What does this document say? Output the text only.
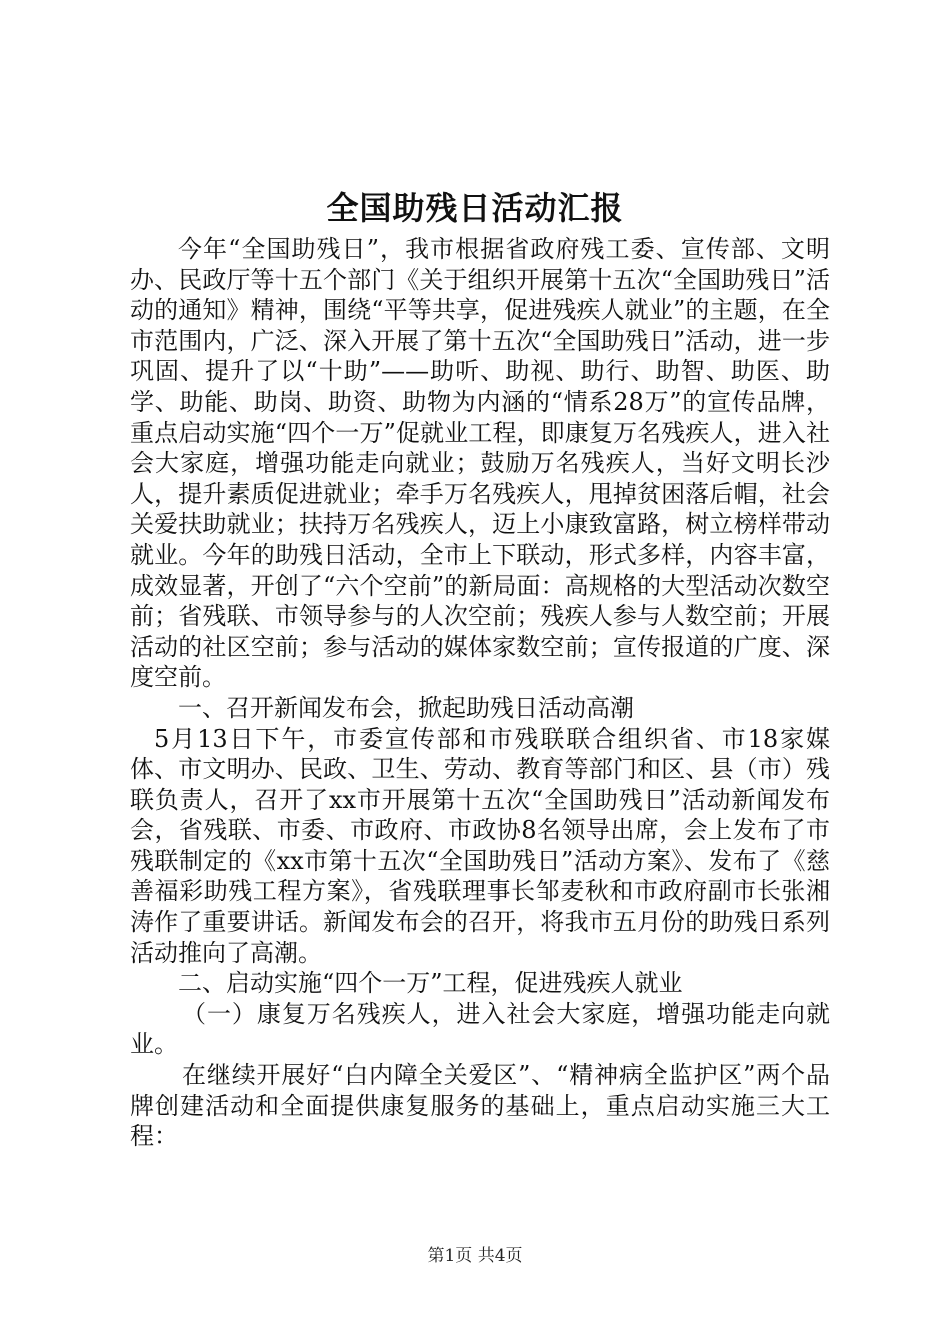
全国助残日活动汇报

今年“全国助残日”，我市根据省政府残工委、宣传部、文明办、民政厅等十五个部门《关于组织开展第十五次“全国助残日”活动的通知》精神，围绕“平等共享，促进残疾人就业”的主题，在全市范围内，广泛、深入开展了第十五次“全国助残日”活动，进一步巩固、提升了以“十助”——助听、助视、助行、助智、助医、助学、助能、助岗、助资、助物为内涵的“情系28万”的宣传品牌，重点启动实施“四个一万”促就业工程，即康复万名残疾人，进入社会大家庭，增强功能走向就业；鼓励万名残疾人，当好文明长沙人，提升素质促进就业；牵手万名残疾人，甩掉贫困落后帽，社会关爱扶助就业；扶持万名残疾人，迈上小康致富路，树立榜样带动就业。今年的助残日活动，全市上下联动，形式多样，内容丰富，成效显著，开创了“六个空前”的新局面：高规格的大型活动次数空前；省残联、市领导参与的人次空前；残疾人参与人数空前；开展活动的社区空前；参与活动的媒体家数空前；宣传报道的广度、深度空前。

一、召开新闻发布会，掀起助残日活动高潮

5月13日下午，市委宣传部和市残联联合组织省、市18家媒体、市文明办、民政、卫生、劳动、教育等部门和区、县（市）残联负责人，召开了xx市开展第十五次“全国助残日”活动新闻发布会，省残联、市委、市政府、市政协8名领导出席，会上发布了市残联制定的《xx市第十五次“全国助残日”活动方案》、发布了《慈善福彩助残工程方案》，省残联理事长邹麦秋和市政府副市长张湘涛作了重要讲话。新闻发布会的召开，将我市五月份的助残日系列活动推向了高潮。

二、启动实施“四个一万”工程，促进残疾人就业

（一）康复万名残疾人，进入社会大家庭，增强功能走向就业。

在继续开展好“白内障全关爱区”、“精神病全监护区”两个品牌创建活动和全面提供康复服务的基础上，重点启动实施三大工程：

第1页 共4页
